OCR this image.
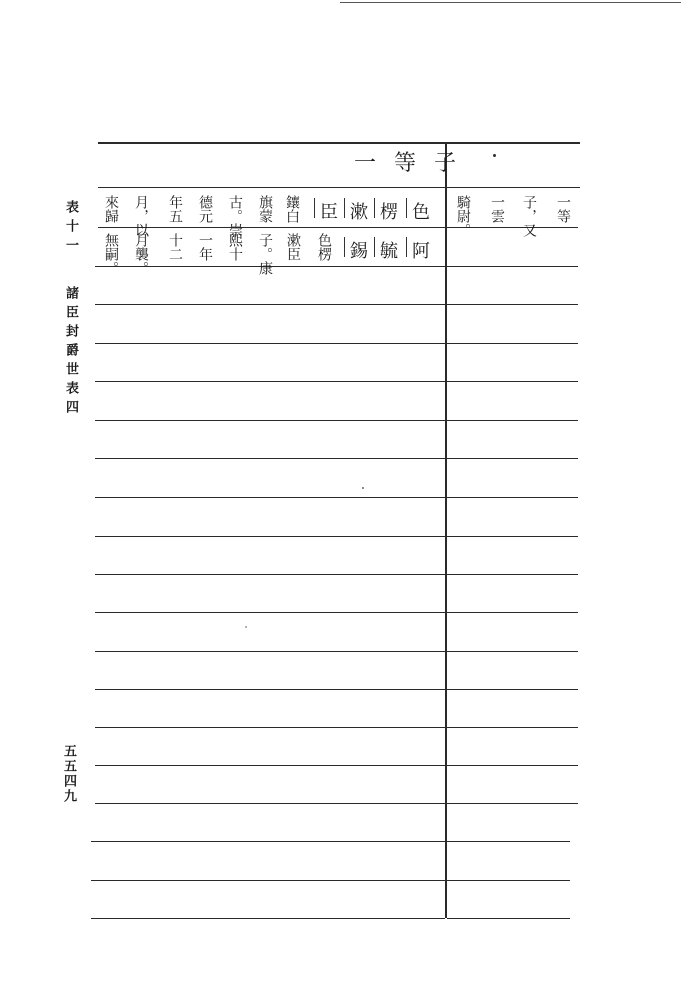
表十一
諸臣封爵世表四
五五四九
一等子
色
楞
漱
臣
阿
毓
錫
鑲白
旗蒙
古。崇
德元
年五
月，以
來歸
色楞
漱臣
子。康
熙十
一年
十二
月襲。
無嗣。
一等
子，又
一雲
騎尉。
